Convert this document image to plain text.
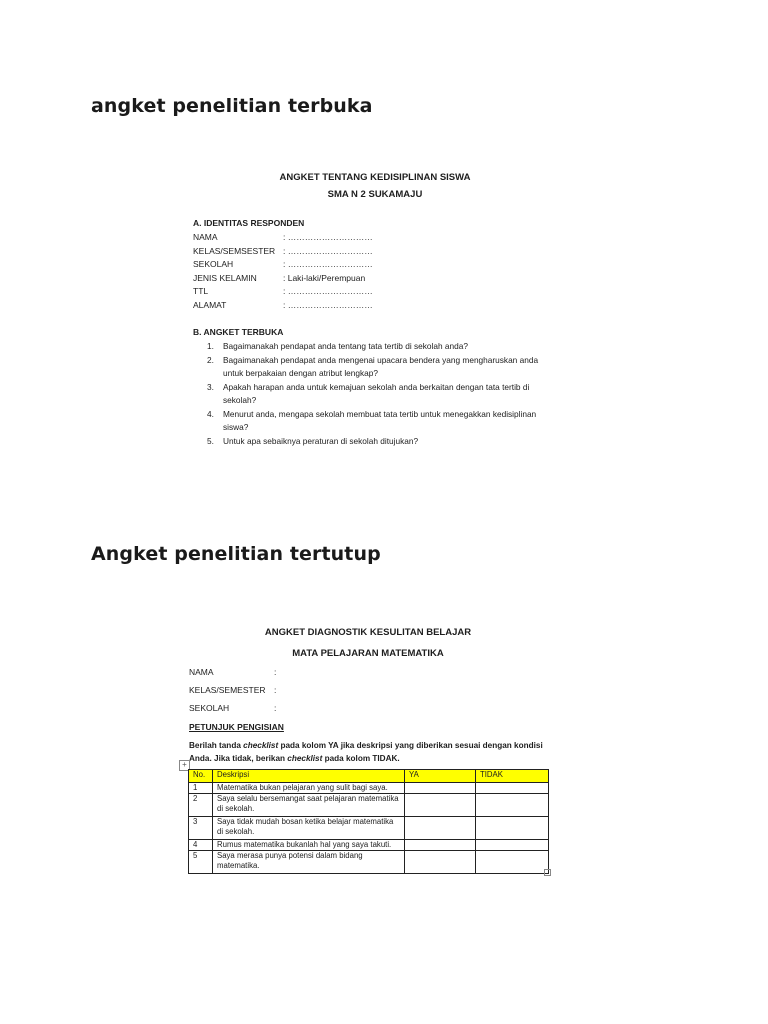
angket penelitian terbuka

ANGKET TENTANG KEDISIPLINAN SISWA

SMA N 2 SUKAMAJU

A. IDENTITAS RESPONDEN
NAMA	: …………………………
KELAS/SEMSESTER : …………………………
SEKOLAH	: …………………………
JENIS KELAMIN	: Laki-laki/Perempuan
TTL	: …………………………
ALAMAT	: …………………………
B. ANGKET TERBUKA
1. Bagaimanakah pendapat anda tentang tata tertib di sekolah anda?
2. Bagaimanakah pendapat anda mengenai upacara bendera yang mengharuskan anda untuk berpakaian dengan atribut lengkap?
3. Apakah harapan anda untuk kemajuan sekolah anda berkaitan dengan tata tertib di sekolah?
4. Menurut anda, mengapa sekolah membuat tata tertib untuk menegakkan kedisiplinan siswa?
5. Untuk apa sebaiknya peraturan di sekolah ditujukan?
Angket penelitian tertutup

ANGKET DIAGNOSTIK KESULITAN BELAJAR

MATA PELAJARAN MATEMATIKA

NAMA	:
KELAS/SEMESTER :
SEKOLAH	:
PETUNJUK PENGISIAN
Berilah tanda checklist pada kolom YA jika deskripsi yang diberikan sesuai dengan kondisi Anda. Jika tidak, berikan checklist pada kolom TIDAK.
+
No.	Deskripsi	YA	TIDAK
1	Matematika bukan pelajaran yang sulit bagi saya.		
2	Saya selalu bersemangat saat pelajaran matematika di sekolah.		
3	Saya tidak mudah bosan ketika belajar matematika di sekolah.		
4	Rumus matematika bukanlah hal yang saya takuti.		
5	Saya merasa punya potensi dalam bidang matematika.		
